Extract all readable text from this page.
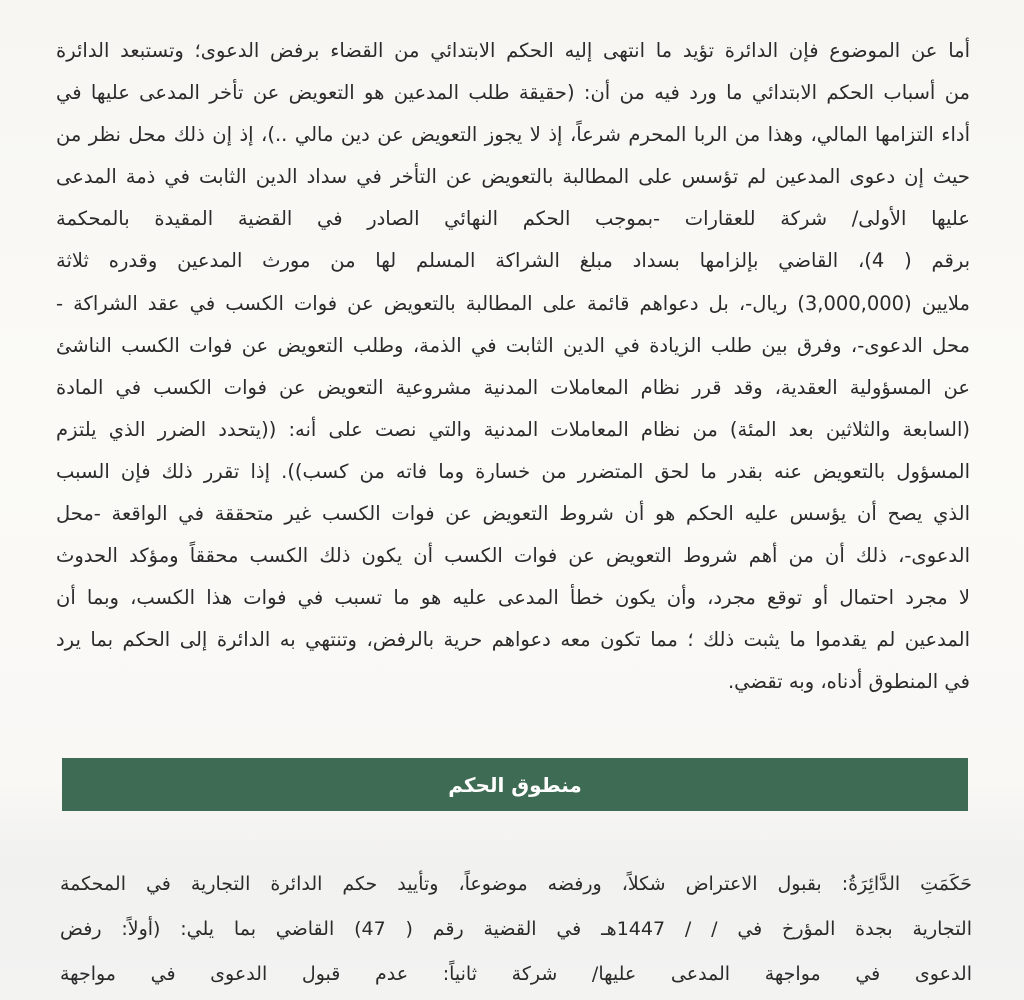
أما عن الموضوع فإن الدائرة تؤيد ما انتهى إليه الحكم الابتدائي من القضاء برفض الدعوى؛ وتستبعد الدائرة
من أسباب الحكم الابتدائي ما ورد فيه من أن: (حقيقة طلب المدعين هو التعويض عن تأخر المدعى عليها في
أداء التزامها المالي، وهذا من الربا المحرم شرعاً، إذ لا يجوز التعويض عن دين مالي ..)، إذ إن ذلك محل نظر من
حيث إن دعوى المدعين لم تؤسس على المطالبة بالتعويض عن التأخر في سداد الدين الثابت في ذمة المدعى
عليها الأولى/ شركة للعقارات -بموجب الحكم النهائي الصادر في القضية المقيدة بالمحكمة
برقم ( 4)، القاضي بإلزامها بسداد مبلغ الشراكة المسلم لها من مورث المدعين وقدره ثلاثة
ملايين (3,000,000) ريال-، بل دعواهم قائمة على المطالبة بالتعويض عن فوات الكسب في عقد الشراكة -
محل الدعوى-، وفرق بين طلب الزيادة في الدين الثابت في الذمة، وطلب التعويض عن فوات الكسب الناشئ
عن المسؤولية العقدية، وقد قرر نظام المعاملات المدنية مشروعية التعويض عن فوات الكسب في المادة
(السابعة والثلاثين بعد المئة) من نظام المعاملات المدنية والتي نصت على أنه: ((يتحدد الضرر الذي يلتزم
المسؤول بالتعويض عنه بقدر ما لحق المتضرر من خسارة وما فاته من كسب)). إذا تقرر ذلك فإن السبب
الذي يصح أن يؤسس عليه الحكم هو أن شروط التعويض عن فوات الكسب غير متحققة في الواقعة -محل
الدعوى-، ذلك أن من أهم شروط التعويض عن فوات الكسب أن يكون ذلك الكسب محققاً ومؤكد الحدوث
لا مجرد احتمال أو توقع مجرد، وأن يكون خطأ المدعى عليه هو ما تسبب في فوات هذا الكسب، وبما أن
المدعين لم يقدموا ما يثبت ذلك ؛ مما تكون معه دعواهم حرية بالرفض، وتنتهي به الدائرة إلى الحكم بما يرد
في المنطوق أدناه، وبه تقضي.
منطوق الحكم
حَكَمَتِ الدَّائِرَةُ: بقبول الاعتراض شكلاً، ورفضه موضوعاً، وتأييد حكم الدائرة التجارية في المحكمة
التجارية بجدة المؤرخ في / / 1447هـ في القضية رقم ( 47) القاضي بما يلي: (أولاً: رفض
الدعوى في مواجهة المدعى عليها/ شركة ثانياً: عدم قبول الدعوى في مواجهة
